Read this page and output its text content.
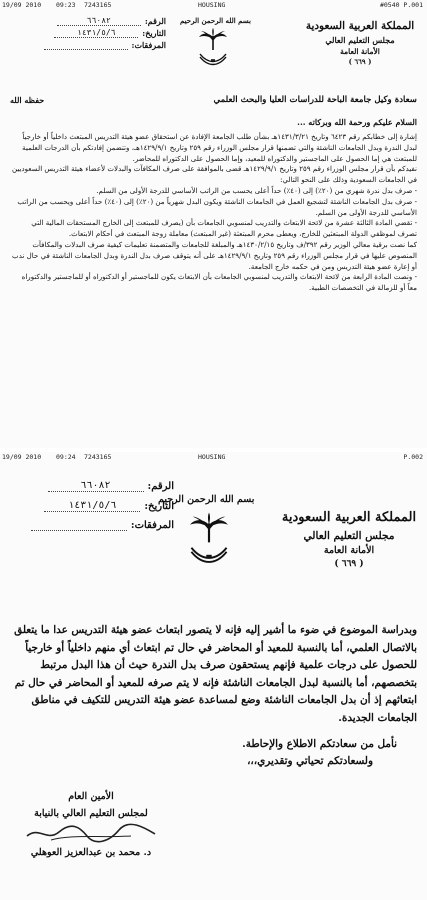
19/09 2010 09:23 7243165	HOUSING	#0540 P.001
المملكة العربية السعودية
مجلس التعليم العالي
الأمانة العامة
( ٦٦٩ )
بسم الله الرحمن الرحيم
الرقم:
٦٦٠٨٢
التاريخ:
١٤٣١/٥/٦
المرفقات:
سعادة وكيل جامعة الباحة للدراسات العليا والبحث العلمي
حفظه الله
السلام عليكم ورحمة الله وبركاته ...

إشارة إلى خطابكم رقم ٦٤٢٣ وتاريخ ١٤٣١/٣/٢١هـ بشأن طلب الجامعة الإفادة عن استحقاق عضو هيئة التدريس المبتعث داخلياً أو خارجياً لبدل الندرة وبدل الجامعات الناشئة والتي تضمنها قرار مجلس الوزراء رقم ٢٥٩ وتاريخ ١٤٢٩/٩/١هـ، وتتضمن إفادتكم بأن الدرجات العلمية للمبتعث هي إما الحصول على الماجستير والدكتوراه للمعيد، وإما الحصول على الدكتوراه للمحاضر.

نفيدكم بأن قرار مجلس الوزراء رقم ٢٥٩ وتاريخ ١٤٢٩/٩/١هـ قضى بالموافقة على صرف المكافآت والبدلات لأعضاء هيئة التدريس السعوديين في الجامعات السعودية وذلك على النحو التالي:

- صرف بدل ندرة شهري من (٢٠٪) إلى (٤٠٪) حداً أعلى يحسب من الراتب الأساسي للدرجة الأولى من السلم.

- صرف بدل الجامعات الناشئة لتشجيع العمل في الجامعات الناشئة ويكون البدل شهرياً من (٢٠٪) إلى (٤٠٪) حداً أعلى ويحسب من الراتب الأساسي للدرجة الأولى من السلم.

- تقضي المادة الثالثة عشرة من لائحة الابتعاث والتدريب لمنسوبي الجامعات بأن (يصرف للمبتعث إلى الخارج المستحقات المالية التي تصرف لموظفي الدولة المبتعثين للخارج، ويعطى محرم المبتعثة (غير المبتعث) معاملة زوجة المبتعث في أحكام الابتعاث.

كما نصت برقية معالي الوزير رقم ٣٩٢/ف وتاريخ ١٤٣٠/٢/١٥هـ والمبلغة للجامعات والمتضمنة تعليمات كيفية صرف البدلات والمكافآت المنصوص عليها في قرار مجلس الوزراء رقم ٢٥٩ وتاريخ ١٤٢٩/٩/١هـ على أنه يتوقف صرف بدل الندرة وبدل الجامعات الناشئة في حال ندب أو إعارة عضو هيئة التدريس ومن في حكمه خارج الجامعة.

- ونصت المادة الرابعة من لائحة الابتعاث والتدريب لمنسوبي الجامعات بأن الابتعاث يكون للماجستير أو الدكتوراه أو للماجستير والدكتوراه معاً أو للزمالة في التخصصات الطبية.

19/09 2010 09:24 7243165	HOUSING	P.002
المملكة العربية السعودية
مجلس التعليم العالي
الأمانة العامة
( ٦٦٩ )
بسم الله الرحمن الرحيم
الرقم:
٦٦٠٨٢
التاريخ:
١٤٣١/٥/٦
المرفقات:

وبدراسة الموضوع في ضوء ما أشير إليه فإنه لا يتصور ابتعاث عضو هيئة التدريس عدا ما يتعلق بالاتصال العلمي، أما بالنسبة للمعيد أو المحاضر في حال تم ابتعاث أي منهم داخلياً أو خارجياً للحصول على درجات علمية فإنهم يستحقون صرف بدل الندرة حيث أن هذا البدل مرتبط بتخصصهم، أما بالنسبة لبدل الجامعات الناشئة فإنه لا يتم صرفه للمعيد أو المحاضر في حال تم ابتعاثهم إذ أن بدل الجامعات الناشئة وضع لمساعدة عضو هيئة التدريس للتكيف في مناطق الجامعات الجديدة.

نأمل من سعادتكم الاطلاع والإحاطة.

ولسعادتكم تحياتي وتقديري،،،

الأمين العام
لمجلس التعليم العالي بالنيابة
د. محمد بن عبدالعزيز العوهلي
